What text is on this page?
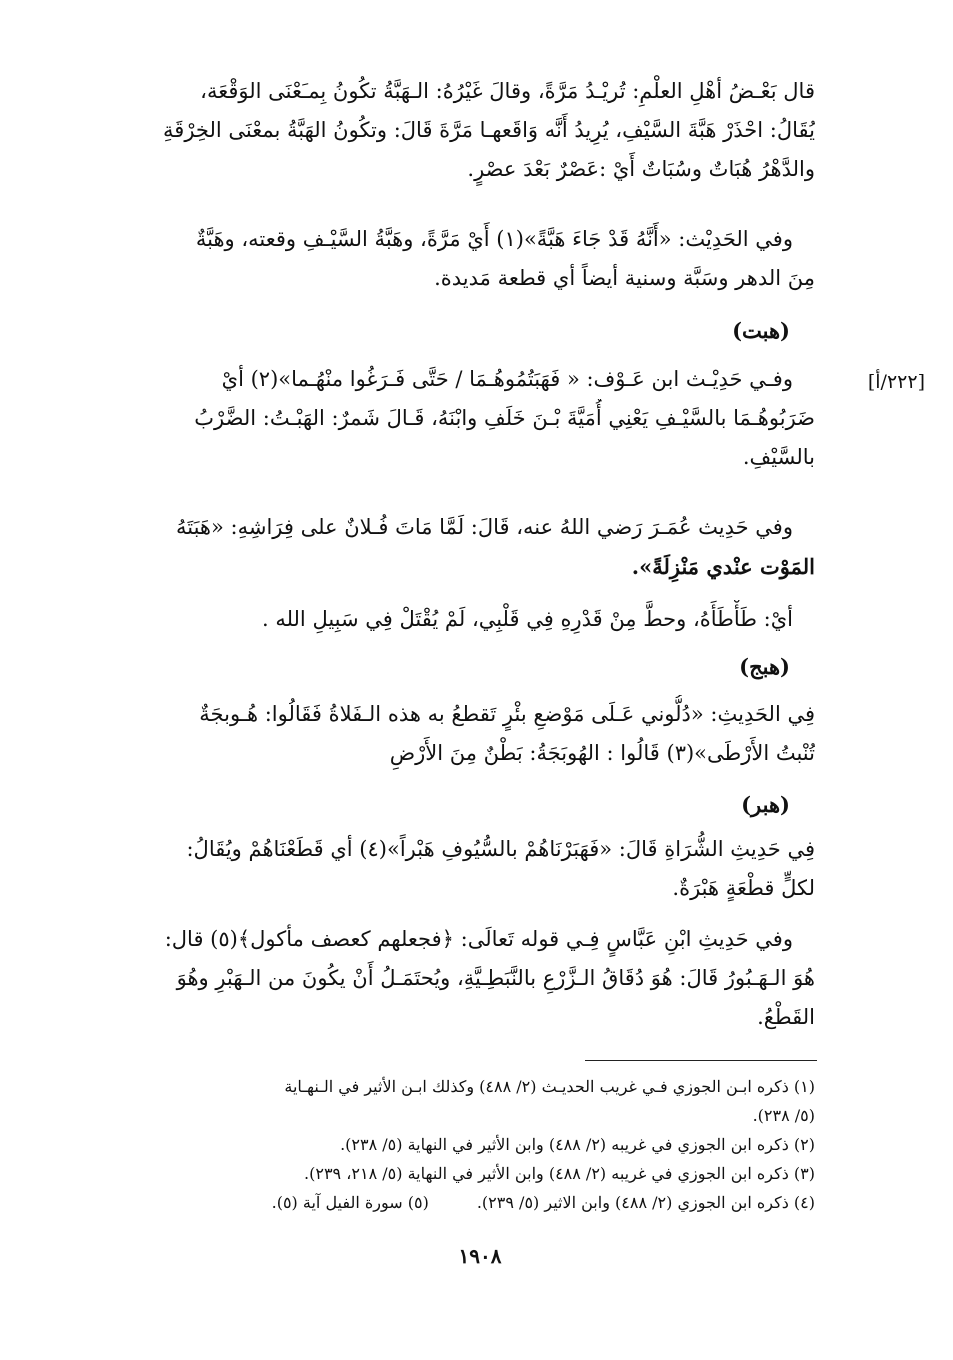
قال بَعْـضُ أهْلِ العلْمِ: تُريْـدُ مَرَّةً، وقالَ غَيْرُهُ: الـهَبَّةُ تكُونُ بِمـَعْنَى الوَقْعَة،
يُقَالُ: احْذَرْ هَبَّةَ السَّيْفِ، يُرِيدُ أَنَّه وَاقَعهـا مَرَّةَ قَالَ: وتكُونُ الهَبَّةُ بمعْنَى الخِرْقَةِ
والدَّهْرُ هُبَاتٌ وسُبَاتٌ أَيْ :عَصْرٌ بَعْدَ عصْرٍ.
وفي الحَدِيْث: «أَنَّهُ قَدْ جَاءَ هَبَّةً»(١) أَيْ مَرَّةً، وهَبَّةُ السَّيْـفِ وقعته، وهَبَّةٌ
مِنَ الدهر وسَبَّة وسنية أيضاً أي قطعة مَديدة.
(هبت)
[٢٢٢/أ]
وفـي حَدِيْـث ابن عَـوْف: « فَهَبَتُمُوهُـمَا / حَتَّى فَـرَغُوا منْهُـما»(٢) أيْ
ضَرَبُوهُـمَا بالسَّيْـفِ يَعْنِي أُمَيَّةَ بْـنَ خَلَفِ وابْنَهُ، قَـالَ شَمرٌ: الهَبْـتُ: الضَّرْبُ
بالسَّيْفِ.
وفي حَدِيث عُمَـرَ رَضي اللهُ عنه، قَالَ: لَمَّا مَاتَ فُـلانٌ على فِرَاشِهِ: «هَبَتَهُ
المَوْت عنْدي مَنْزِلَةً».
أيْ: طَأْطَأَهُ، وحطَّ مِنْ قَدْرِهِ فِي قَلْبِي، لَمْ يُقْتَلْ فِي سَبِيلِ الله .
(هبج)
فِي الحَدِيثِ: «دُلُّوني عَـلَى مَوْضعِ بئْرٍ تَقطعُ به هذه الـفَلاةُ فَقَالُوا: هُـوبجَةٌ
تُنْبتُ الأَرْطَى»(٣) قَالُوا : الهُوبَجَةُ: بَطْنٌ مِنَ الأَرْضِ
(هبر)
فِي حَدِيثِ الشُّرَاةِ قَالَ: «فَهَبَرْنَاهُمْ بالسُّيُوفِ هَبْراً»(٤) أي قَطَعْنَاهُمْ ويُقَالُ:
لكلٍّ قطْعَةٍ هَبْرَةٌ.
وفي حَدِيثِ ابْنِ عَبَّاسٍ فِـي قوله تَعالَى: ﴿فجعلهم كعصف مأكول﴾(٥) قال:
هُوَ الـهَـبُورُ قَالَ: هُوَ دُقَاقُ الـزَّرْعِ بالنَّبَطِـيَّةِ، ويُحتَمَـلُ أَنْ يكُونَ من الـهَبْرِ وهُوَ
القَطْعُ.
(١) ذكره ابـن الجوزي فـي غريب الحديـث (٢/ ٤٨٨) وكذلك ابـن الأثير في الـنهـاية
(٥/ ٢٣٨).
(٢) ذكره ابن الجوزي في غريبه (٢/ ٤٨٨) وابن الأثير في النهاية (٥/ ٢٣٨).
(٣) ذكره ابن الجوزي في غريبه (٢/ ٤٨٨) وابن الأثير في النهاية (٥/ ٢١٨، ٢٣٩).
(٤) ذكره ابن الجوزي (٢/ ٤٨٨) وابن الاثير (٥/ ٢٣٩).(٥) سورة الفيل آية (٥).
١٩٠٨
